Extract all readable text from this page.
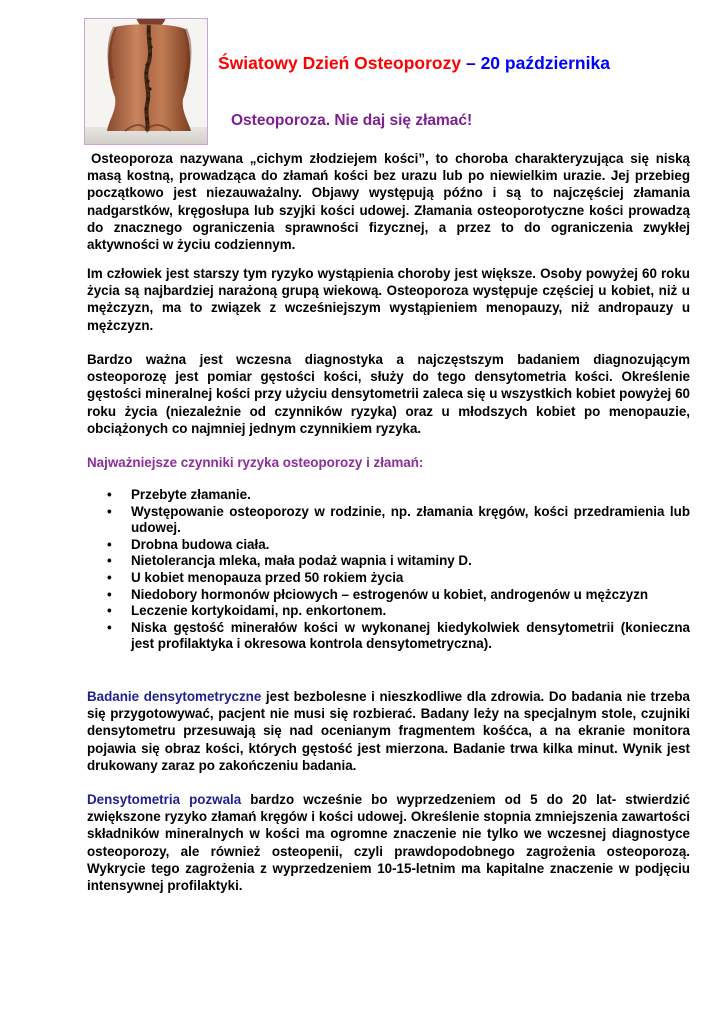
Światowy Dzień Osteoporozy – 20 października
Osteoporoza. Nie daj się złamać!

Osteoporoza nazywana „cichym złodziejem kości”, to choroba charakteryzująca się niską masą kostną, prowadząca do złamań kości bez urazu lub po niewielkim urazie. Jej przebieg początkowo jest niezauważalny. Objawy występują późno i są to najczęściej złamania nadgarstków, kręgosłupa lub szyjki kości udowej. Złamania osteoporotyczne kości prowadzą do znacznego ograniczenia sprawności fizycznej, a przez to do ograniczenia zwykłej aktywności w życiu codziennym.

Im człowiek jest starszy tym ryzyko wystąpienia choroby jest większe. Osoby powyżej 60 roku życia są najbardziej narażoną grupą wiekową. Osteoporoza występuje częściej u kobiet, niż u mężczyzn, ma to związek z wcześniejszym wystąpieniem menopauzy, niż andropauzy u mężczyzn.

Bardzo ważna jest wczesna diagnostyka a najczęstszym badaniem diagnozującym osteoporozę jest pomiar gęstości kości, służy do tego densytometria kości. Określenie gęstości mineralnej kości przy użyciu densytometrii zaleca się u wszystkich kobiet powyżej 60 roku życia (niezależnie od czynników ryzyka) oraz u młodszych kobiet po menopauzie, obciążonych co najmniej jednym czynnikiem ryzyka.

Najważniejsze czynniki ryzyka osteoporozy i złamań:
• Przebyte złamanie.
• Występowanie osteoporozy w rodzinie, np. złamania kręgów, kości przedramienia lub udowej.
• Drobna budowa ciała.
• Nietolerancja mleka, mała podaż wapnia i witaminy D.
• U kobiet menopauza przed 50 rokiem życia
• Niedobory hormonów płciowych – estrogenów u kobiet, androgenów u mężczyzn
• Leczenie kortykoidami, np. enkortonem.
• Niska gęstość minerałów kości w wykonanej kiedykolwiek densytometrii (konieczna jest profilaktyka i okresowa kontrola densytometryczna).

Badanie densytometryczne jest bezbolesne i nieszkodliwe dla zdrowia. Do badania nie trzeba się przygotowywać, pacjent nie musi się rozbierać. Badany leży na specjalnym stole, czujniki densytometru przesuwają się nad ocenianym fragmentem kośćca, a na ekranie monitora pojawia się obraz kości, których gęstość jest mierzona. Badanie trwa kilka minut. Wynik jest drukowany zaraz po zakończeniu badania.

Densytometria pozwala bardzo wcześnie bo wyprzedzeniem od 5 do 20 lat- stwierdzić zwiększone ryzyko złamań kręgów i kości udowej. Określenie stopnia zmniejszenia zawartości składników mineralnych w kości ma ogromne znaczenie nie tylko we wczesnej diagnostyce osteoporozy, ale również osteopenii, czyli prawdopodobnego zagrożenia osteoporozą. Wykrycie tego zagrożenia z wyprzedzeniem 10-15-letnim ma kapitalne znaczenie w podjęciu intensywnej profilaktyki.
